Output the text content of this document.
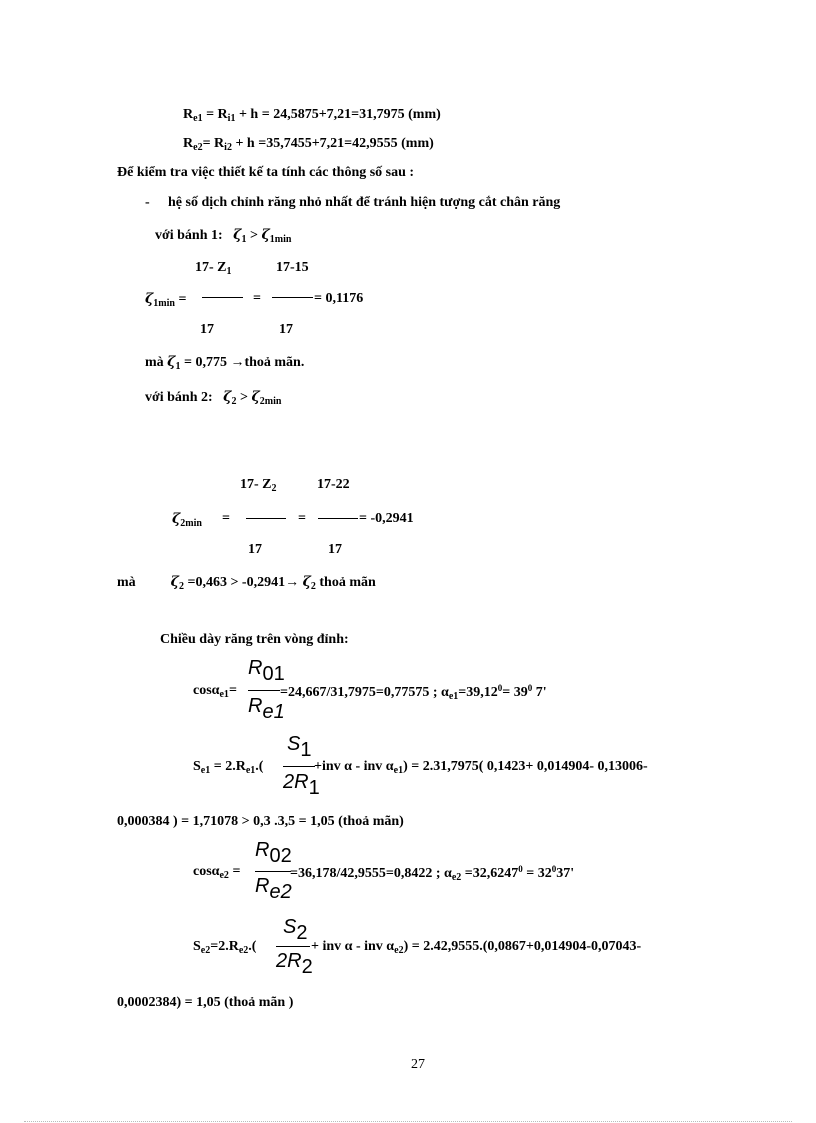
$R_{e1} = R_{i1} + h = 24,5875+7,21=31,7975$ (mm)
$R_{e2}= R_{i2} + h =35,7455+7,21=42,9555$ (mm)
Để kiểm tra việc thiết kế ta tính các thông số sau :
- hệ số dịch chỉnh răng nhỏ nhất để tránh hiện tượng cắt chân răng
với bánh 1: $\zeta_1 > \zeta_{1min}$
17- $Z_1$	17-15
$\zeta_{1min}$ =	=	= 0,1176
17	17
mà $\zeta_1 = 0,775$ →thoả mãn.
với bánh 2: $\zeta_2 > \zeta_{2min}$
17- $Z_2$	17-22
$\zeta_{2min}$ =	=	= -0,2941
17	17
mà	$\zeta_2 =0,463 > -0,2941\to \zeta_2$ thoả mãn
Chiều dày răng trên vòng đỉnh:
cosα$_{e1}$=
R01
Re1
=24,667/31,7975=0,77575 ; $\alpha_{e1}=39,12^0= 39^0$ 7'
$S_{e1} = 2.R_{e1}$.(
S1
2R1
+inv α - inv $\alpha_{e1}) = 2.31,7975$( 0,1423+ 0,014904- 0,13006-
0,000384 ) = 1,71078 > 0,3 .3,5 = 1,05 (thoả mãn)
cosα$_{e2}$ =
R02
Re2
=36,178/42,9555=0,8422 ; $\alpha_{e2} =32,6247^0 = 32^037'$
$S_{e2}=2.R_{e2}$.(
S2
2R2
+ inv α - inv $\alpha_{e2}) = 2.42,9555.(0,0867+0,014904-0,07043-$
0,0002384) = 1,05 (thoả mãn )
27
